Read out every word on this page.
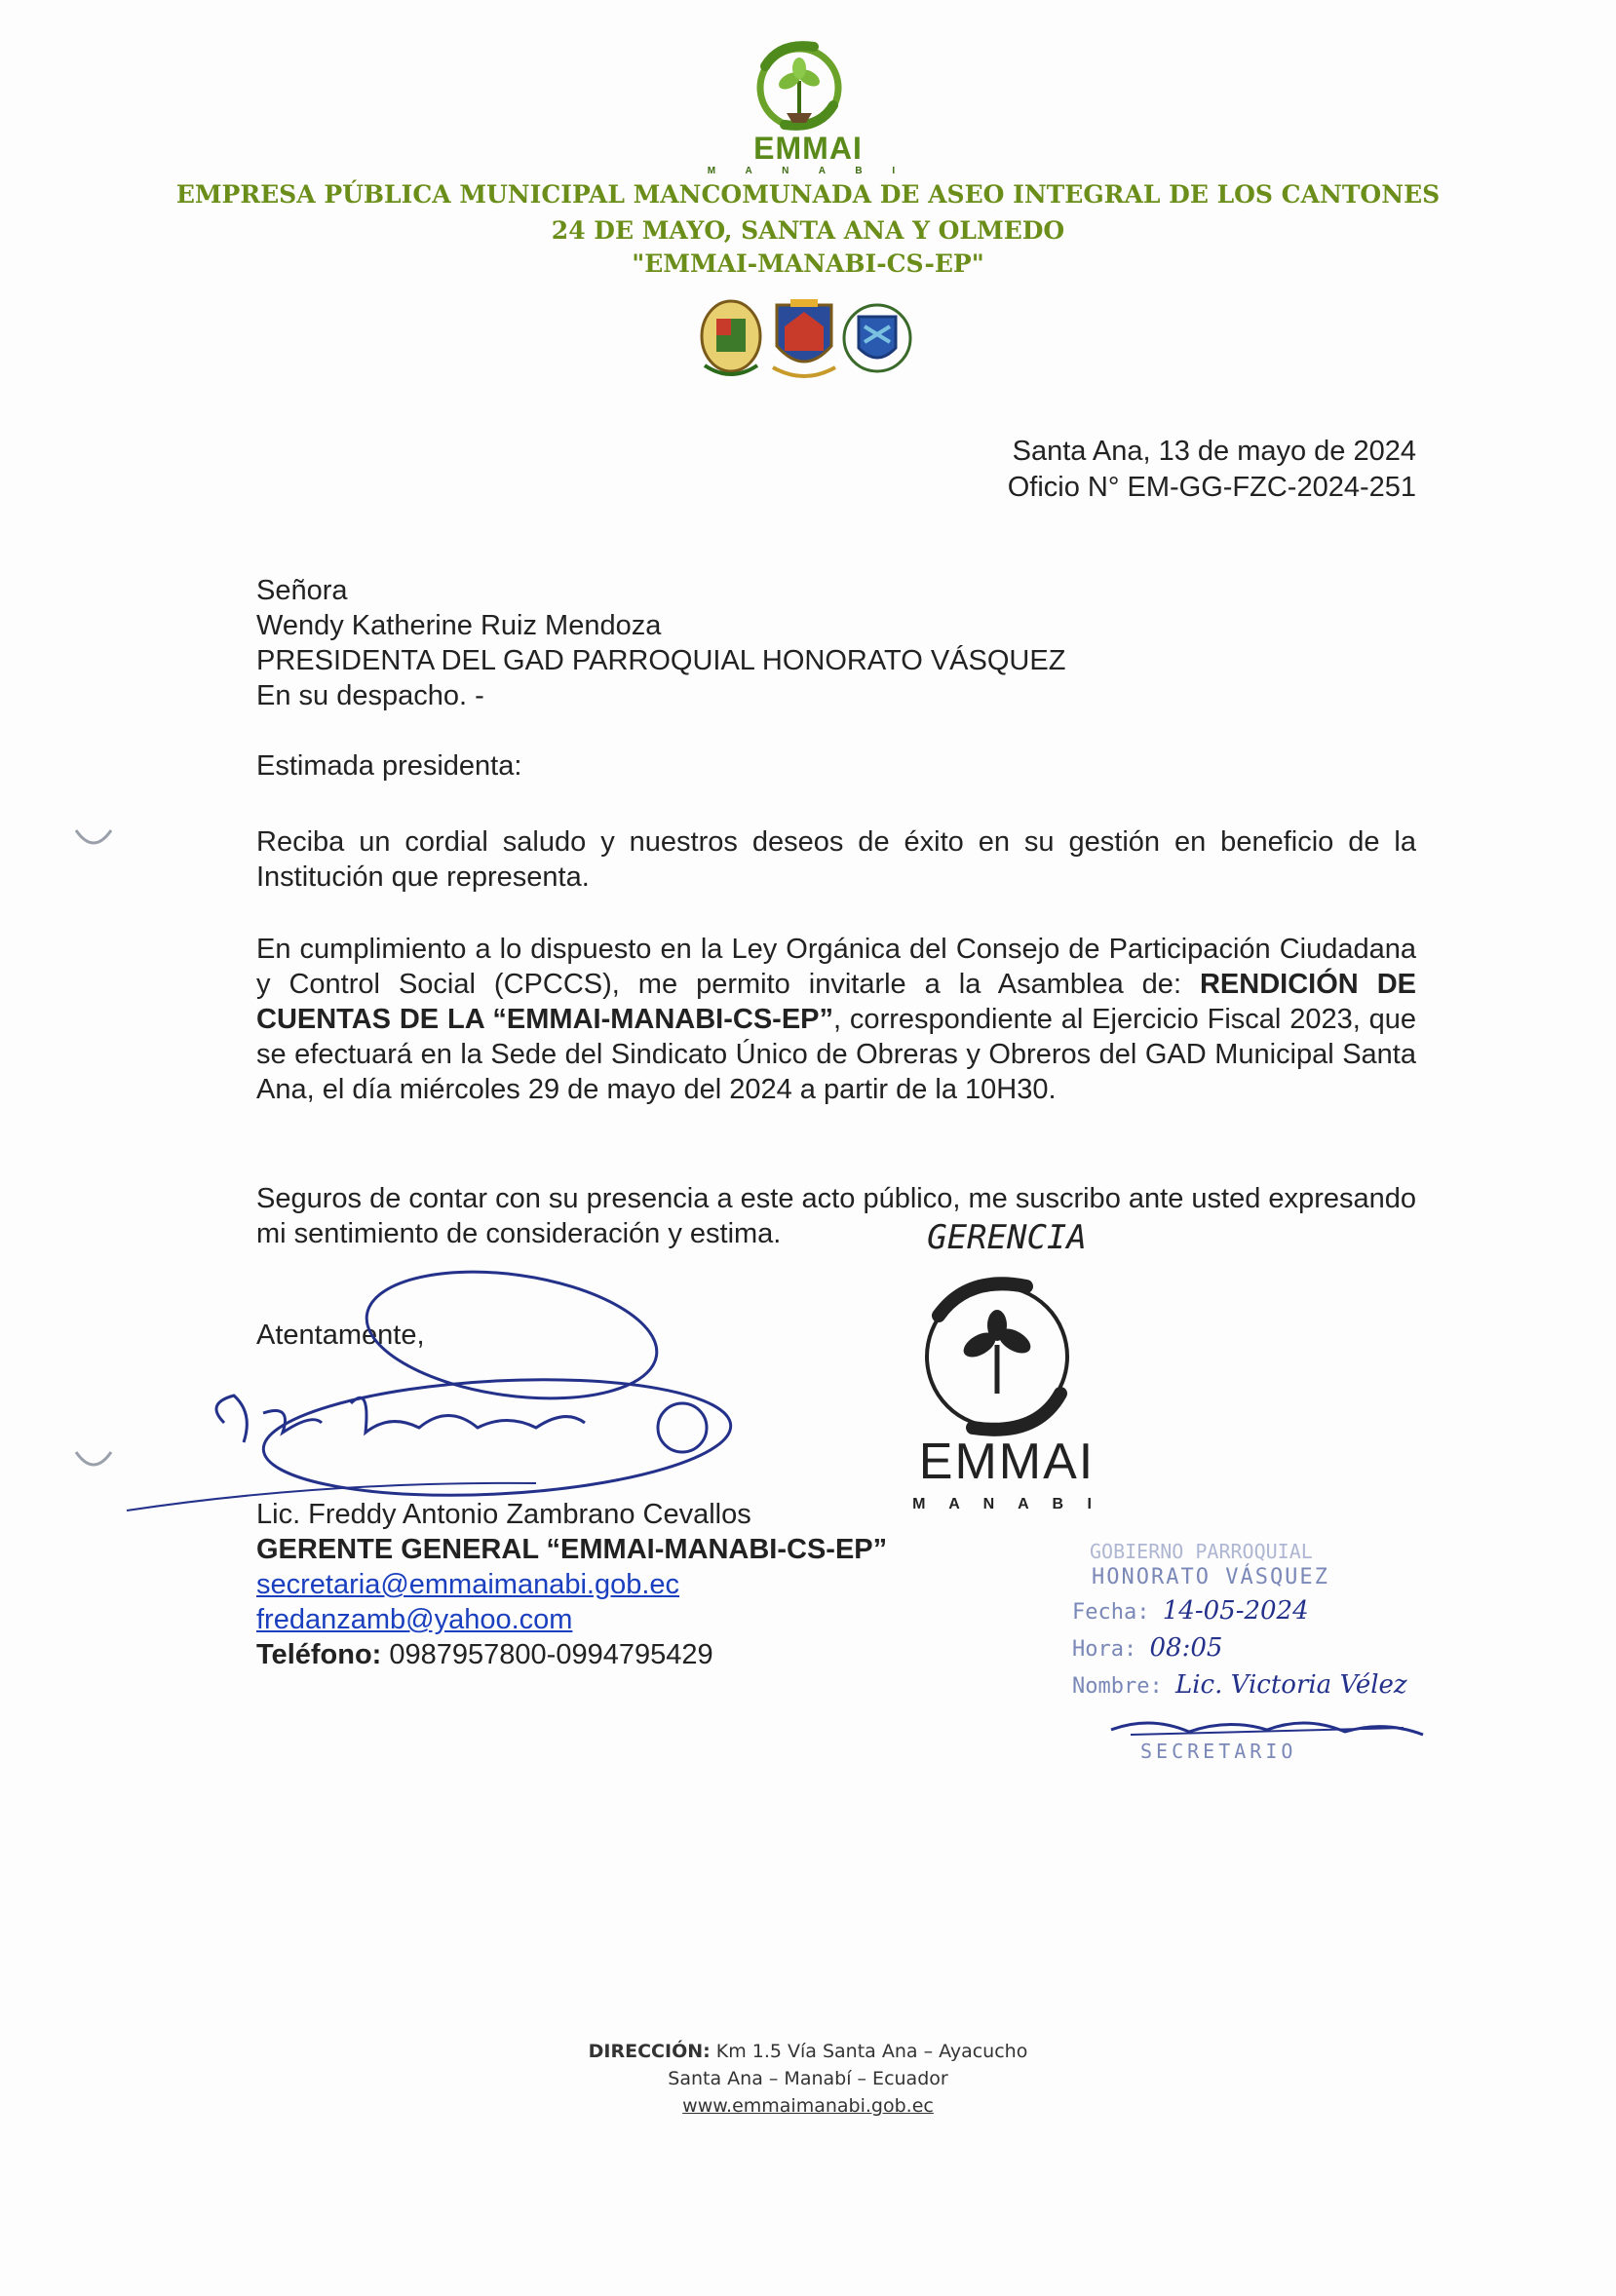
EMMAI
M A N A B I
EMPRESA PÚBLICA MUNICIPAL MANCOMUNADA DE ASEO INTEGRAL DE LOS CANTONES
24 DE MAYO, SANTA ANA Y OLMEDO
"EMMAI-MANABI-CS-EP"
Santa Ana, 13 de mayo de 2024
Oficio N° EM-GG-FZC-2024-251
Señora
Wendy Katherine Ruiz Mendoza
PRESIDENTA DEL GAD PARROQUIAL HONORATO VÁSQUEZ
En su despacho. -
Estimada presidenta:
Reciba un cordial saludo y nuestros deseos de éxito en su gestión en beneficio de la Institución que representa.
En cumplimiento a lo dispuesto en la Ley Orgánica del Consejo de Participación Ciudadana y Control Social (CPCCS), me permito invitarle a la Asamblea de: RENDICIÓN DE CUENTAS DE LA “EMMAI-MANABI-CS-EP”, correspondiente al Ejercicio Fiscal 2023, que se efectuará en la Sede del Sindicato Único de Obreras y Obreros del GAD Municipal Santa Ana, el día miércoles 29 de mayo del 2024 a partir de la 10H30.
Seguros de contar con su presencia a este acto público, me suscribo ante usted expresando mi sentimiento de consideración y estima.
Atentamente,
Lic. Freddy Antonio Zambrano Cevallos
GERENTE GENERAL “EMMAI-MANABI-CS-EP”
secretaria@emmaimanabi.gob.ec
fredanzamb@yahoo.com
Teléfono: 0987957800-0994795429
GERENCIA
EMMAI
M A N A B I
GOBIERNO PARROQUIAL
HONORATO VÁSQUEZ
Fecha: 14-05-2024
Hora: 08:05
Nombre: Lic. Victoria Vélez
SECRETARIO
DIRECCIÓN: Km 1.5 Vía Santa Ana – Ayacucho
Santa Ana – Manabí – Ecuador
www.emmaimanabi.gob.ec
